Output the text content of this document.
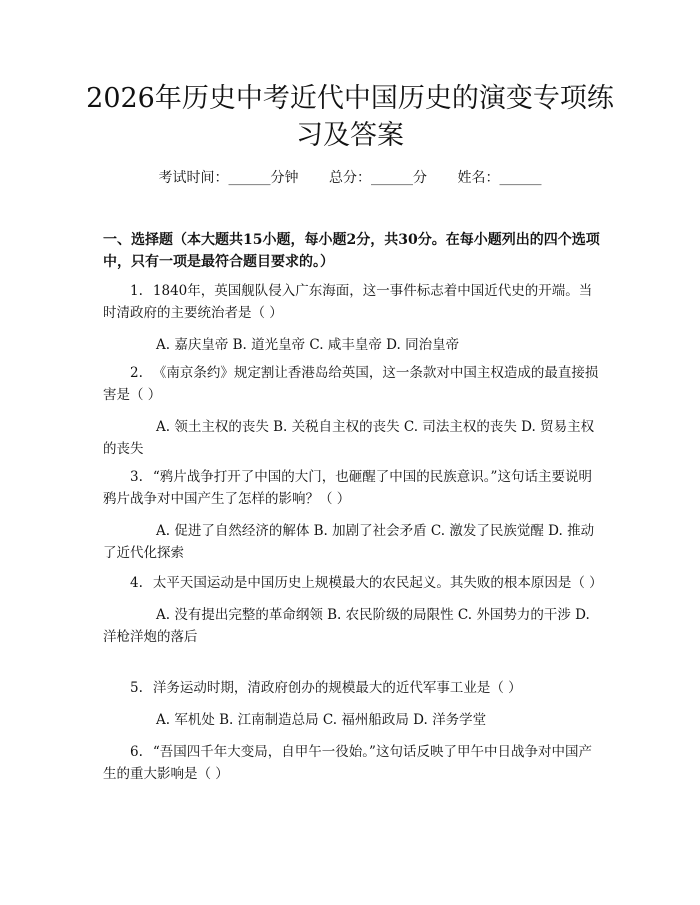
2026年历史中考近代中国历史的演变专项练习及答案
考试时间：______分钟 总分：______分 姓名：______

一、选择题（本大题共15小题，每小题2分，共30分。在每小题列出的四个选项中，只有一项是最符合题目要求的。）

1. 1840年，英国舰队侵入广东海面，这一事件标志着中国近代史的开端。当时清政府的主要统治者是（ ）

A. 嘉庆皇帝 B. 道光皇帝 C. 咸丰皇帝 D. 同治皇帝

2. 《南京条约》规定割让香港岛给英国，这一条款对中国主权造成的最直接损害是（ ）

A. 领土主权的丧失 B. 关税自主权的丧失 C. 司法主权的丧失 D. 贸易主权的丧失

3. “鸦片战争打开了中国的大门，也砸醒了中国的民族意识。”这句话主要说明鸦片战争对中国产生了怎样的影响？（ ）

A. 促进了自然经济的解体 B. 加剧了社会矛盾 C. 激发了民族觉醒 D. 推动了近代化探索

4. 太平天国运动是中国历史上规模最大的农民起义。其失败的根本原因是（ ）

A. 没有提出完整的革命纲领 B. 农民阶级的局限性 C. 外国势力的干涉 D. 洋枪洋炮的落后

5. 洋务运动时期，清政府创办的规模最大的近代军事工业是（ ）

A. 军机处 B. 江南制造总局 C. 福州船政局 D. 洋务学堂

6. “吾国四千年大变局，自甲午一役始。”这句话反映了甲午中日战争对中国产生的重大影响是（ ）
